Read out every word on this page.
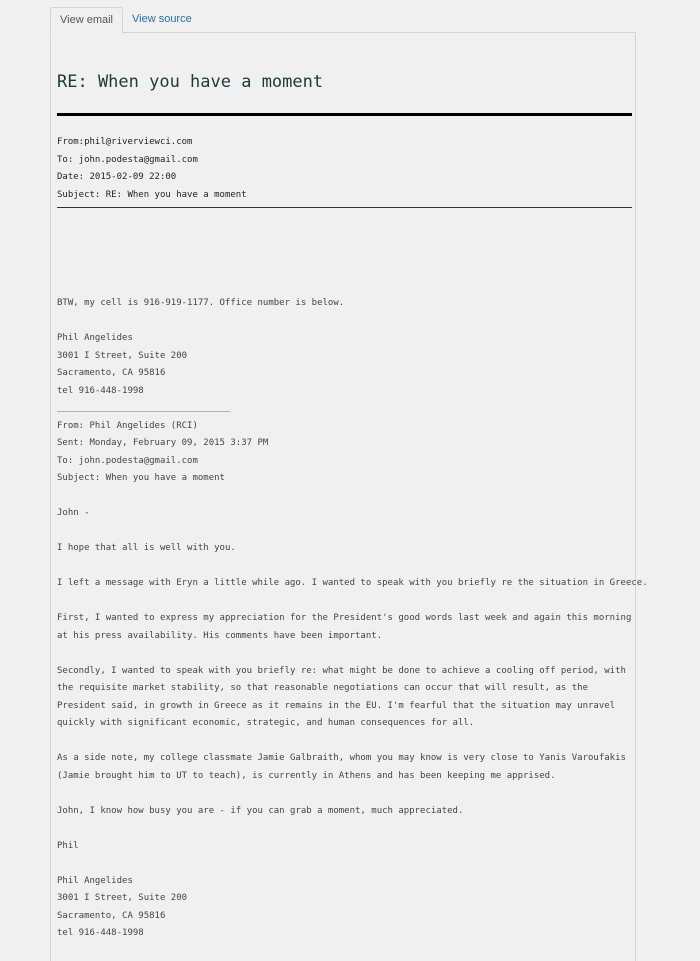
View email	View source
RE: When you have a moment
From:phil@riverviewci.com
To: john.podesta@gmail.com
Date: 2015-02-09 22:00
Subject: RE: When you have a moment
BTW, my cell is 916-919-1177. Office number is below.
Phil Angelides
3001 I Street, Suite 200
Sacramento, CA 95816
tel 916-448-1998
________________________________
From: Phil Angelides (RCI)
Sent: Monday, February 09, 2015 3:37 PM
To: john.podesta@gmail.com
Subject: When you have a moment
John -
I hope that all is well with you.
I left a message with Eryn a little while ago. I wanted to speak with you briefly re the situation in Greece.
First, I wanted to express my appreciation for the President's good words last week and again this morning at his press availability. His comments have been important.
Secondly, I wanted to speak with you briefly re: what might be done to achieve a cooling off period, with the requisite market stability, so that reasonable negotiations can occur that will result, as the President said, in growth in Greece as it remains in the EU. I'm fearful that the situation may unravel quickly with significant economic, strategic, and human consequences for all.
As a side note, my college classmate Jamie Galbraith, whom you may know is very close to Yanis Varoufakis (Jamie brought him to UT to teach), is currently in Athens and has been keeping me apprised.
John, I know how busy you are - if you can grab a moment, much appreciated.
Phil
Phil Angelides
3001 I Street, Suite 200
Sacramento, CA 95816
tel 916-448-1998
